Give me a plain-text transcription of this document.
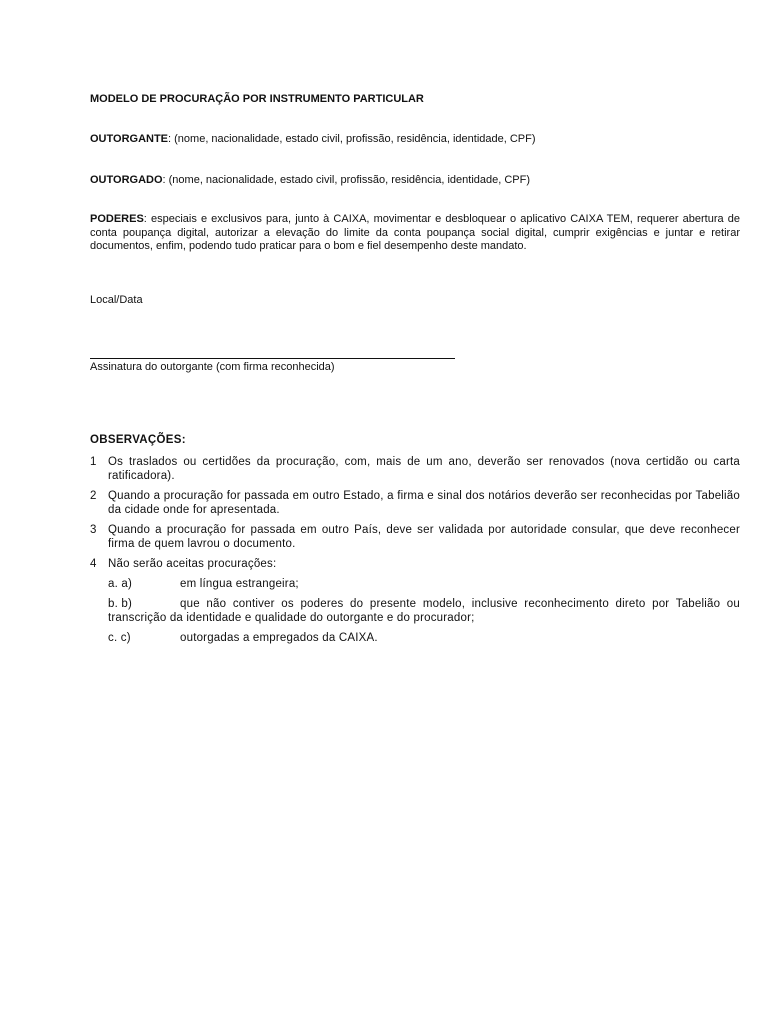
MODELO DE PROCURAÇÃO POR INSTRUMENTO PARTICULAR
OUTORGANTE: (nome, nacionalidade, estado civil, profissão, residência, identidade, CPF)
OUTORGADO: (nome, nacionalidade, estado civil, profissão, residência, identidade, CPF)
PODERES: especiais e exclusivos para, junto à CAIXA, movimentar e desbloquear o aplicativo CAIXA TEM, requerer abertura de conta poupança digital, autorizar a elevação do limite da conta poupança social digital, cumprir exigências e juntar e retirar documentos, enfim, podendo tudo praticar para o bom e fiel desempenho deste mandato.
Local/Data
Assinatura do outorgante (com firma reconhecida)
OBSERVAÇÕES:
1 Os traslados ou certidões da procuração, com, mais de um ano, deverão ser renovados (nova certidão ou carta ratificadora).
2 Quando a procuração for passada em outro Estado, a firma e sinal dos notários deverão ser reconhecidas por Tabelião da cidade onde for apresentada.
3 Quando a procuração for passada em outro País, deve ser validada por autoridade consular, que deve reconhecer firma de quem lavrou o documento.
4 Não serão aceitas procurações:
a. a)	em língua estrangeira;
b. b)	que não contiver os poderes do presente modelo, inclusive reconhecimento direto por Tabelião ou transcrição da identidade e qualidade do outorgante e do procurador;
c. c)	outorgadas a empregados da CAIXA.
